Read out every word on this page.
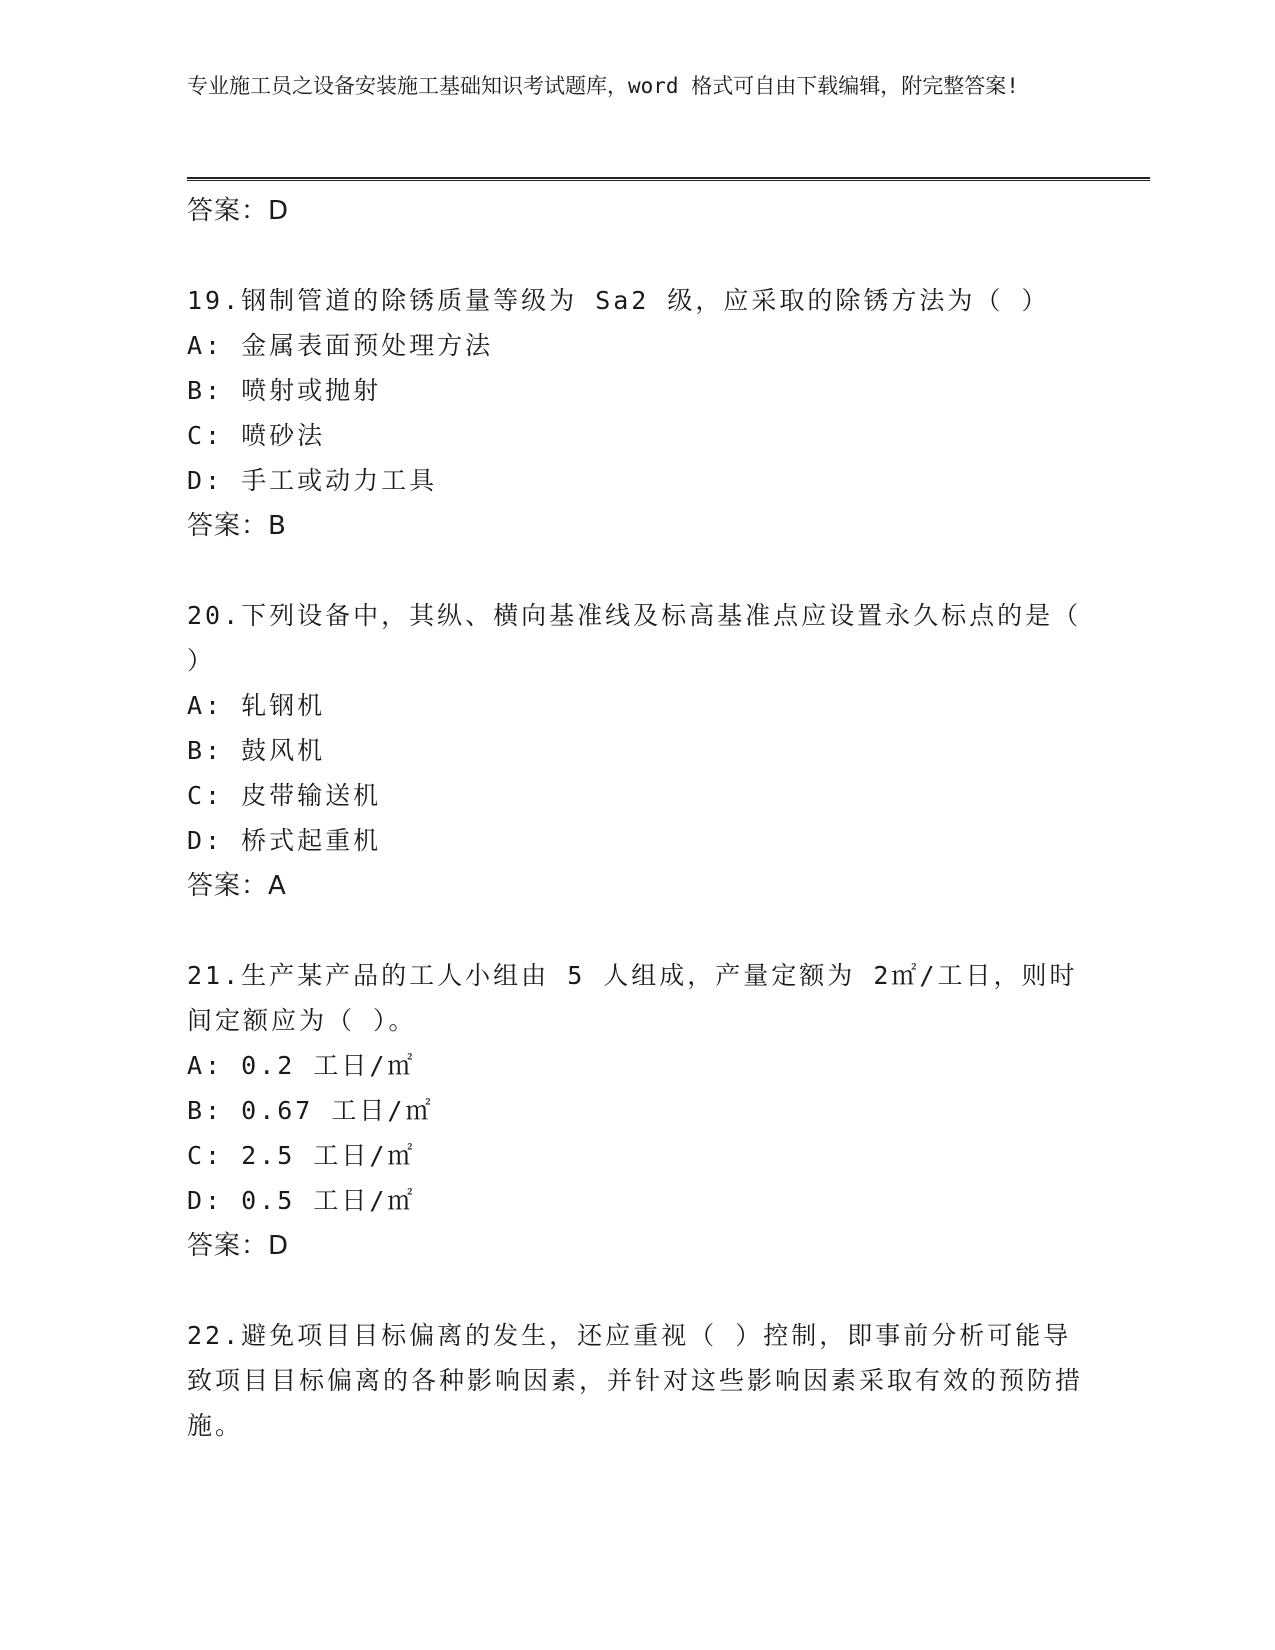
专业施工员之设备安装施工基础知识考试题库，word 格式可自由下载编辑，附完整答案!
答案：D
19.钢制管道的除锈质量等级为 Sa2 级，应采取的除锈方法为（ ）
A: 金属表面预处理方法
B: 喷射或抛射
C: 喷砂法
D: 手工或动力工具
答案：B
20.下列设备中，其纵、横向基准线及标高基准点应设置永久标点的是（ ）
A: 轧钢机
B: 鼓风机
C: 皮带输送机
D: 桥式起重机
答案：A
21.生产某产品的工人小组由 5 人组成，产量定额为 2㎡/工日，则时间定额应为（ ）。
A: 0.2 工日/㎡
B: 0.67 工日/㎡
C: 2.5 工日/㎡
D: 0.5 工日/㎡
答案：D
22.避免项目目标偏离的发生，还应重视（ ）控制，即事前分析可能导致项目目标偏离的各种影响因素，并针对这些影响因素采取有效的预防措施。
